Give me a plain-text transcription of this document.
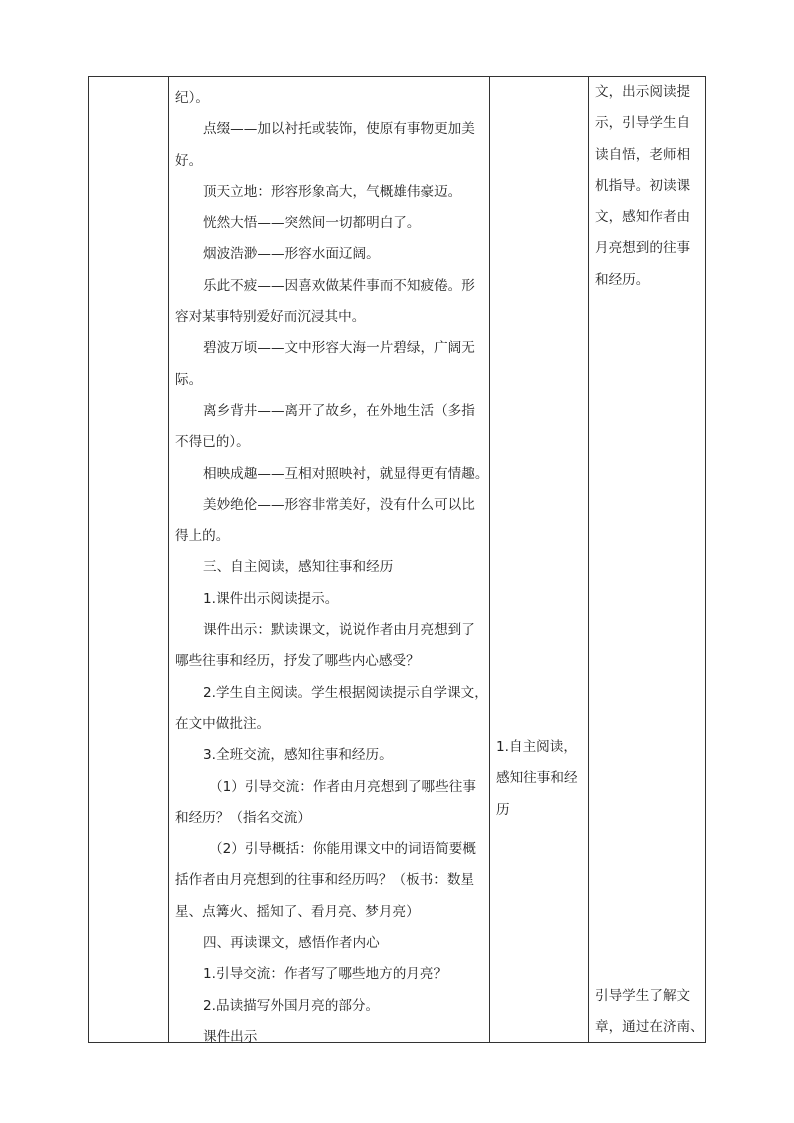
纪）。
点缀——加以衬托或装饰，使原有事物更加美
好。
顶天立地：形容形象高大，气概雄伟豪迈。
恍然大悟——突然间一切都明白了。
烟波浩渺——形容水面辽阔。
乐此不疲——因喜欢做某件事而不知疲倦。形
容对某事特别爱好而沉浸其中。
碧波万顷——文中形容大海一片碧绿，广阔无
际。
离乡背井——离开了故乡，在外地生活（多指
不得已的）。
相映成趣——互相对照映衬，就显得更有情趣。
美妙绝伦——形容非常美好，没有什么可以比
得上的。
三、自主阅读，感知往事和经历
1.课件出示阅读提示。
课件出示：默读课文，说说作者由月亮想到了
哪些往事和经历，抒发了哪些内心感受？
2.学生自主阅读。学生根据阅读提示自学课文，
在文中做批注。
3.全班交流，感知往事和经历。
（1）引导交流：作者由月亮想到了哪些往事
和经历？（指名交流）
（2）引导概括：你能用课文中的词语简要概
括作者由月亮想到的往事和经历吗？（板书：数星
星、点篝火、摇知了、看月亮、梦月亮）
四、再读课文，感悟作者内心
1.引导交流：作者写了哪些地方的月亮？
2.品读描写外国月亮的部分。
课件出示
1.自主阅读，
感知往事和经
历
文，出示阅读提
示，引导学生自
读自悟，老师相
机指导。初读课
文，感知作者由
月亮想到的往事
和经历。
引导学生了解文
章，通过在济南、
